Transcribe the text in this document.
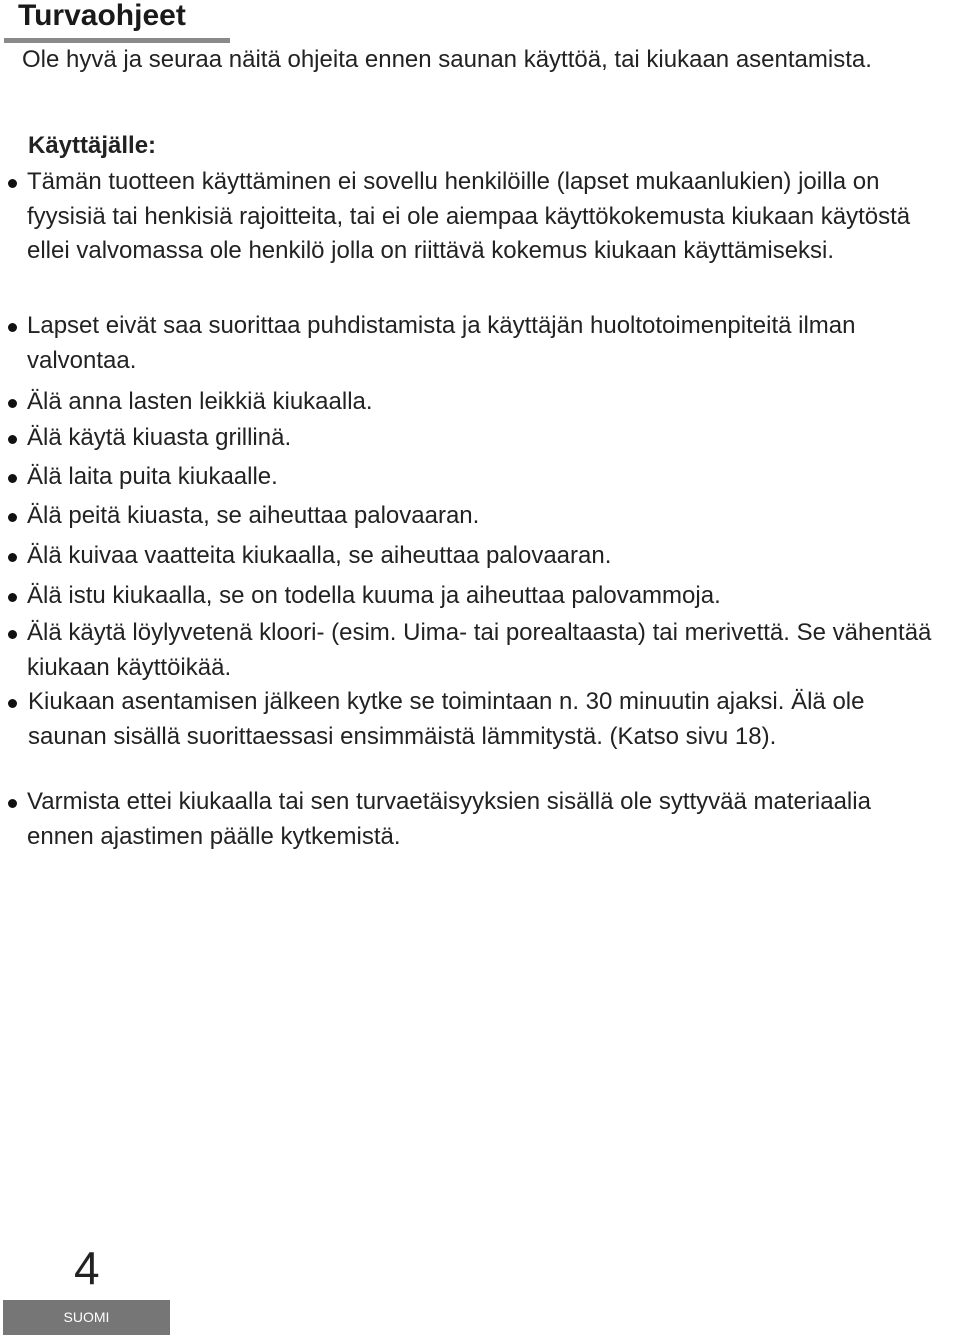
Turvaohjeet

Ole hyvä ja seuraa näitä ohjeita ennen saunan käyttöä, tai kiukaan asentamista.

Käyttäjälle:
Tämän tuotteen käyttäminen ei sovellu henkilöille (lapset mukaanlukien) joilla on fyysisiä tai henkisiä rajoitteita, tai ei ole aiempaa käyttökokemusta kiukaan käytöstä ellei valvomassa ole henkilö jolla on riittävä kokemus kiukaan käyttämiseksi.
Lapset eivät saa suorittaa puhdistamista ja käyttäjän huoltotoimenpiteitä ilman valvontaa.
Älä anna lasten leikkiä kiukaalla.
Älä käytä kiuasta grillinä.
Älä laita puita kiukaalle.
Älä peitä kiuasta, se aiheuttaa palovaaran.
Älä kuivaa vaatteita kiukaalla, se aiheuttaa palovaaran.
Älä istu kiukaalla, se on todella kuuma ja aiheuttaa palovammoja.
Älä käytä löylyvetenä kloori- (esim. Uima- tai porealtaasta) tai merivettä. Se vähentää kiukaan käyttöikää.
Kiukaan asentamisen jälkeen kytke se toimintaan n. 30 minuutin ajaksi. Älä ole saunan sisällä suorittaessasi ensimmäistä lämmitystä. (Katso sivu 18).
Varmista ettei kiukaalla tai sen turvaetäisyyksien sisällä ole syttyvää materiaalia ennen ajastimen päälle kytkemistä.
4
SUOMI
